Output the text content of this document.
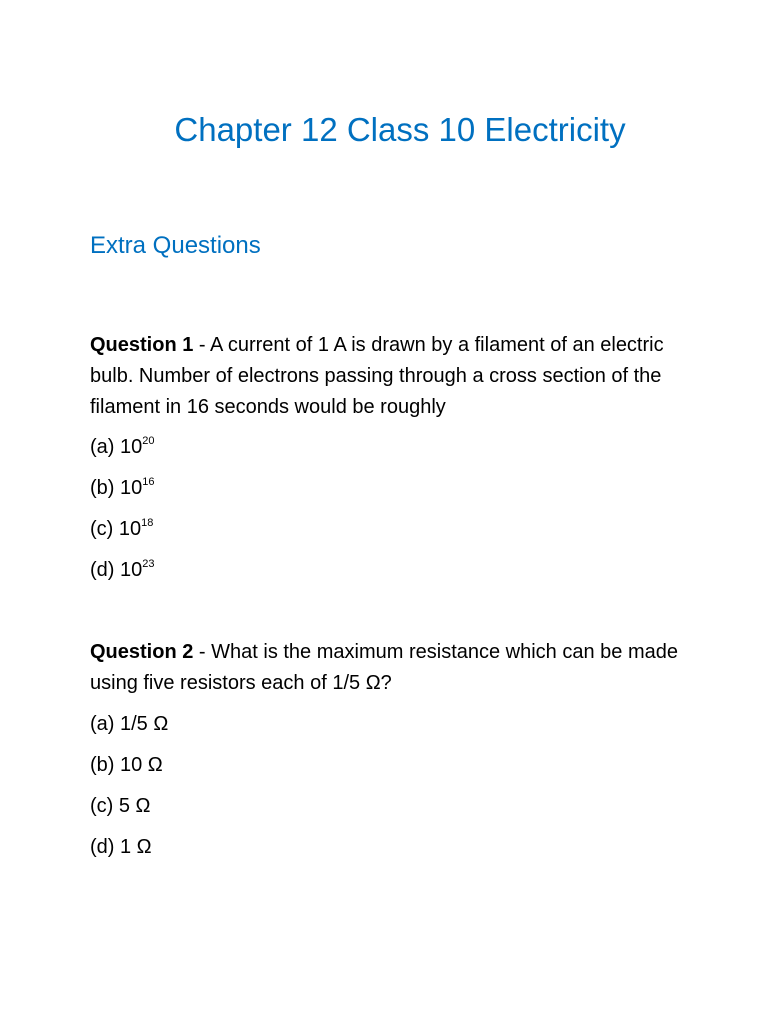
Chapter 12 Class 10 Electricity
Extra Questions

Question 1 - A current of 1 A is drawn by a filament of an electric bulb. Number of electrons passing through a cross section of the filament in 16 seconds would be roughly

(a) $10^{20}$

(b) $10^{16}$

(c) $10^{18}$

(d) $10^{23}$

Question 2 - What is the maximum resistance which can be made using five resistors each of 1/5 Ω?

(a) 1/5 Ω

(b) 10 Ω

(c) 5 Ω

(d) 1 Ω
